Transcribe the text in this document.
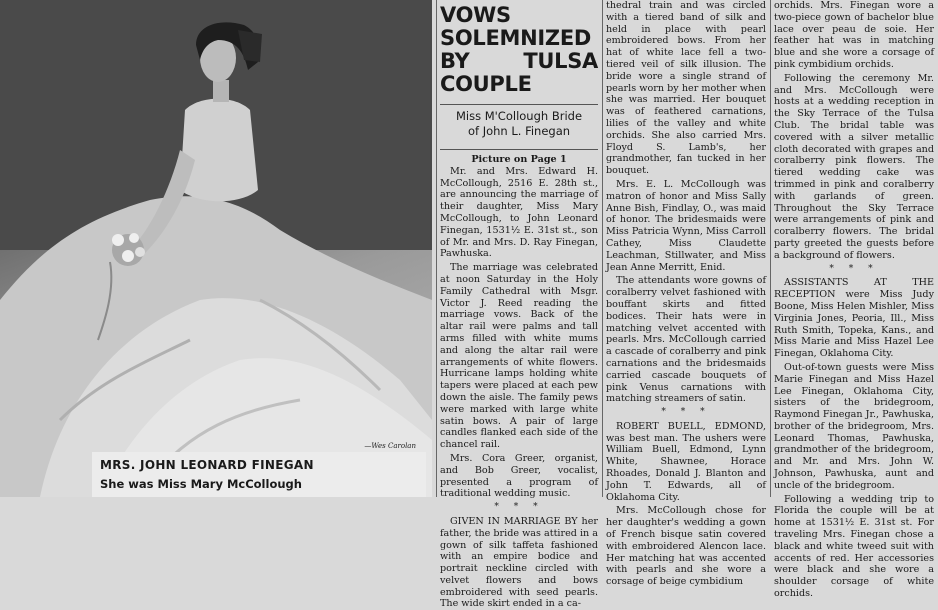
—Wes Carolan
MRS. JOHN LEONARD FINEGAN
She was Miss Mary McCollough
VOWS SOLEMNIZED
BY TULSA COUPLE
Miss M'Collough Bride
of John L. Finegan
Picture on Page 1

Mr. and Mrs. Edward H. McCollough, 2516 E. 28th st., are announcing the marriage of their daughter, Miss Mary McCollough, to John Leonard Finegan, 1531½ E. 31st st., son of Mr. and Mrs. D. Ray Finegan, Pawhuska.

The marriage was celebrated at noon Saturday in the Holy Family Cathedral with Msgr. Victor J. Reed reading the marriage vows. Back of the altar rail were palms and tall arms filled with white mums and along the altar rail were arrangements of white flowers. Hurricane lamps holding white tapers were placed at each pew down the aisle. The family pews were marked with large white satin bows. A pair of large candles flanked each side of the chancel rail.

Mrs. Cora Greer, organist, and Bob Greer, vocalist, presented a program of traditional wedding music.

* * *

GIVEN IN MARRIAGE BY her father, the bride was attired in a gown of silk taffeta fashioned with an empire bodice and portrait neckline circled with velvet flowers and bows embroidered with seed pearls. The wide skirt ended in a ca-

thedral train and was circled with a tiered band of silk and held in place with pearl embroidered bows. From her hat of white lace fell a two-tiered veil of silk illusion. The bride wore a single strand of pearls worn by her mother when she was married. Her bouquet was of feathered carnations, lilies of the valley and white orchids. She also carried Mrs. Floyd S. Lamb's, her grandmother, fan tucked in her bouquet.

Mrs. E. L. McCollough was matron of honor and Miss Sally Anne Bish, Findlay, O., was maid of honor. The bridesmaids were Miss Patricia Wynn, Miss Carroll Cathey, Miss Claudette Leachman, Stillwater, and Miss Jean Anne Merritt, Enid.

The attendants wore gowns of coralberry velvet fashioned with bouffant skirts and fitted bodices. Their hats were in matching velvet accented with pearls. Mrs. McCollough carried a cascade of coralberry and pink carnations and the bridesmaids carried cascade bouquets of pink Venus carnations with matching streamers of satin.

* * *

ROBERT BUELL, EDMOND, was best man. The ushers were William Buell, Edmond, Lynn White, Shawnee, Horace Rhoades, Donald J. Blanton and John T. Edwards, all of Oklahoma City.

Mrs. McCollough chose for her daughter's wedding a gown of French bisque satin covered with embroidered Alencon lace. Her matching hat was accented with pearls and she wore a corsage of beige cymbidium

orchids. Mrs. Finegan wore a two-piece gown of bachelor blue lace over peau de soie. Her feather hat was in matching blue and she wore a corsage of pink cymbidium orchids.

Following the ceremony Mr. and Mrs. McCollough were hosts at a wedding reception in the Sky Terrace of the Tulsa Club. The bridal table was covered with a silver metallic cloth decorated with grapes and coralberry pink flowers. The tiered wedding cake was trimmed in pink and coralberry with garlands of green. Throughout the Sky Terrace were arrangements of pink and coralberry flowers. The bridal party greeted the guests before a background of flowers.

* * *

ASSISTANTS AT THE RECEPTION were Miss Judy Boone, Miss Helen Mishler, Miss Virginia Jones, Peoria, Ill., Miss Ruth Smith, Topeka, Kans., and Miss Marie and Miss Hazel Lee Finegan, Oklahoma City.

Out-of-town guests were Miss Marie Finegan and Miss Hazel Lee Finegan, Oklahoma City, sisters of the bridegroom, Raymond Finegan Jr., Pawhuska, brother of the bridegroom, Mrs. Leonard Thomas, Pawhuska, grandmother of the bridegroom, and Mr. and Mrs. John W. Johnson, Pawhuska, aunt and uncle of the bridegroom.

Following a wedding trip to Florida the couple will be at home at 1531½ E. 31st st. For traveling Mrs. Finegan chose a black and white tweed suit with accents of red. Her accessories were black and she wore a shoulder corsage of white orchids.
